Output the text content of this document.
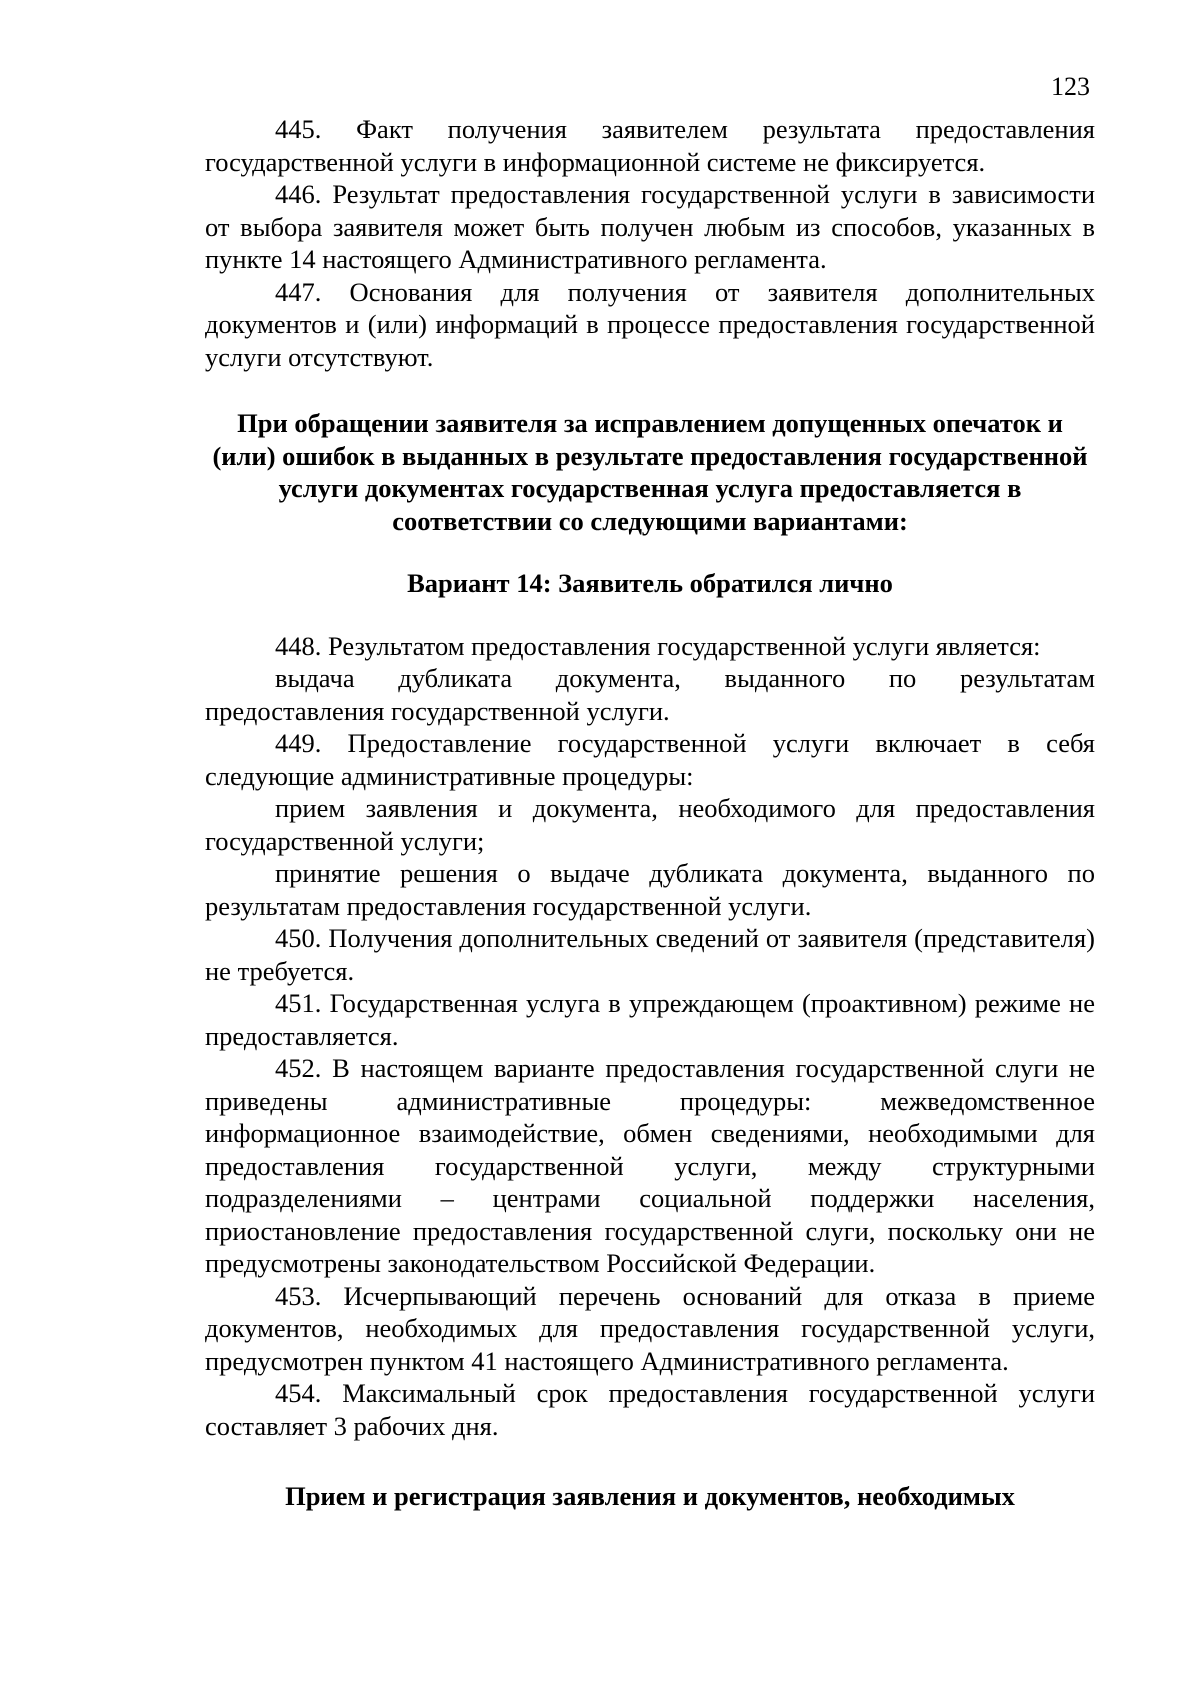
123

445. Факт получения заявителем результата предоставления государственной услуги в информационной системе не фиксируется.

446. Результат предоставления государственной услуги в зависимости от выбора заявителя может быть получен любым из способов, указанных в пункте 14 настоящего Административного регламента.

447. Основания для получения от заявителя дополнительных документов и (или) информаций в процессе предоставления государственной услуги отсутствуют.

При обращении заявителя за исправлением допущенных опечаток и (или) ошибок в выданных в результате предоставления государственной услуги документах государственная услуга предоставляется в соответствии со следующими вариантами:

Вариант 14: Заявитель обратился лично

448. Результатом предоставления государственной услуги является:

выдача дубликата документа, выданного по результатам предоставления государственной услуги.

449. Предоставление государственной услуги включает в себя следующие административные процедуры:

прием заявления и документа, необходимого для предоставления государственной услуги;

принятие решения о выдаче дубликата документа, выданного по результатам предоставления государственной услуги.

450. Получения дополнительных сведений от заявителя (представителя) не требуется.

451. Государственная услуга в упреждающем (проактивном) режиме не предоставляется.

452. В настоящем варианте предоставления государственной слуги не приведены административные процедуры: межведомственное информационное взаимодействие, обмен сведениями, необходимыми для предоставления государственной услуги, между структурными подразделениями – центрами социальной поддержки населения, приостановление предоставления государственной слуги, поскольку они не предусмотрены законодательством Российской Федерации.

453. Исчерпывающий перечень оснований для отказа в приеме документов, необходимых для предоставления государственной услуги, предусмотрен пунктом 41 настоящего Административного регламента.

454. Максимальный срок предоставления государственной услуги составляет 3 рабочих дня.

Прием и регистрация заявления и документов, необходимых
